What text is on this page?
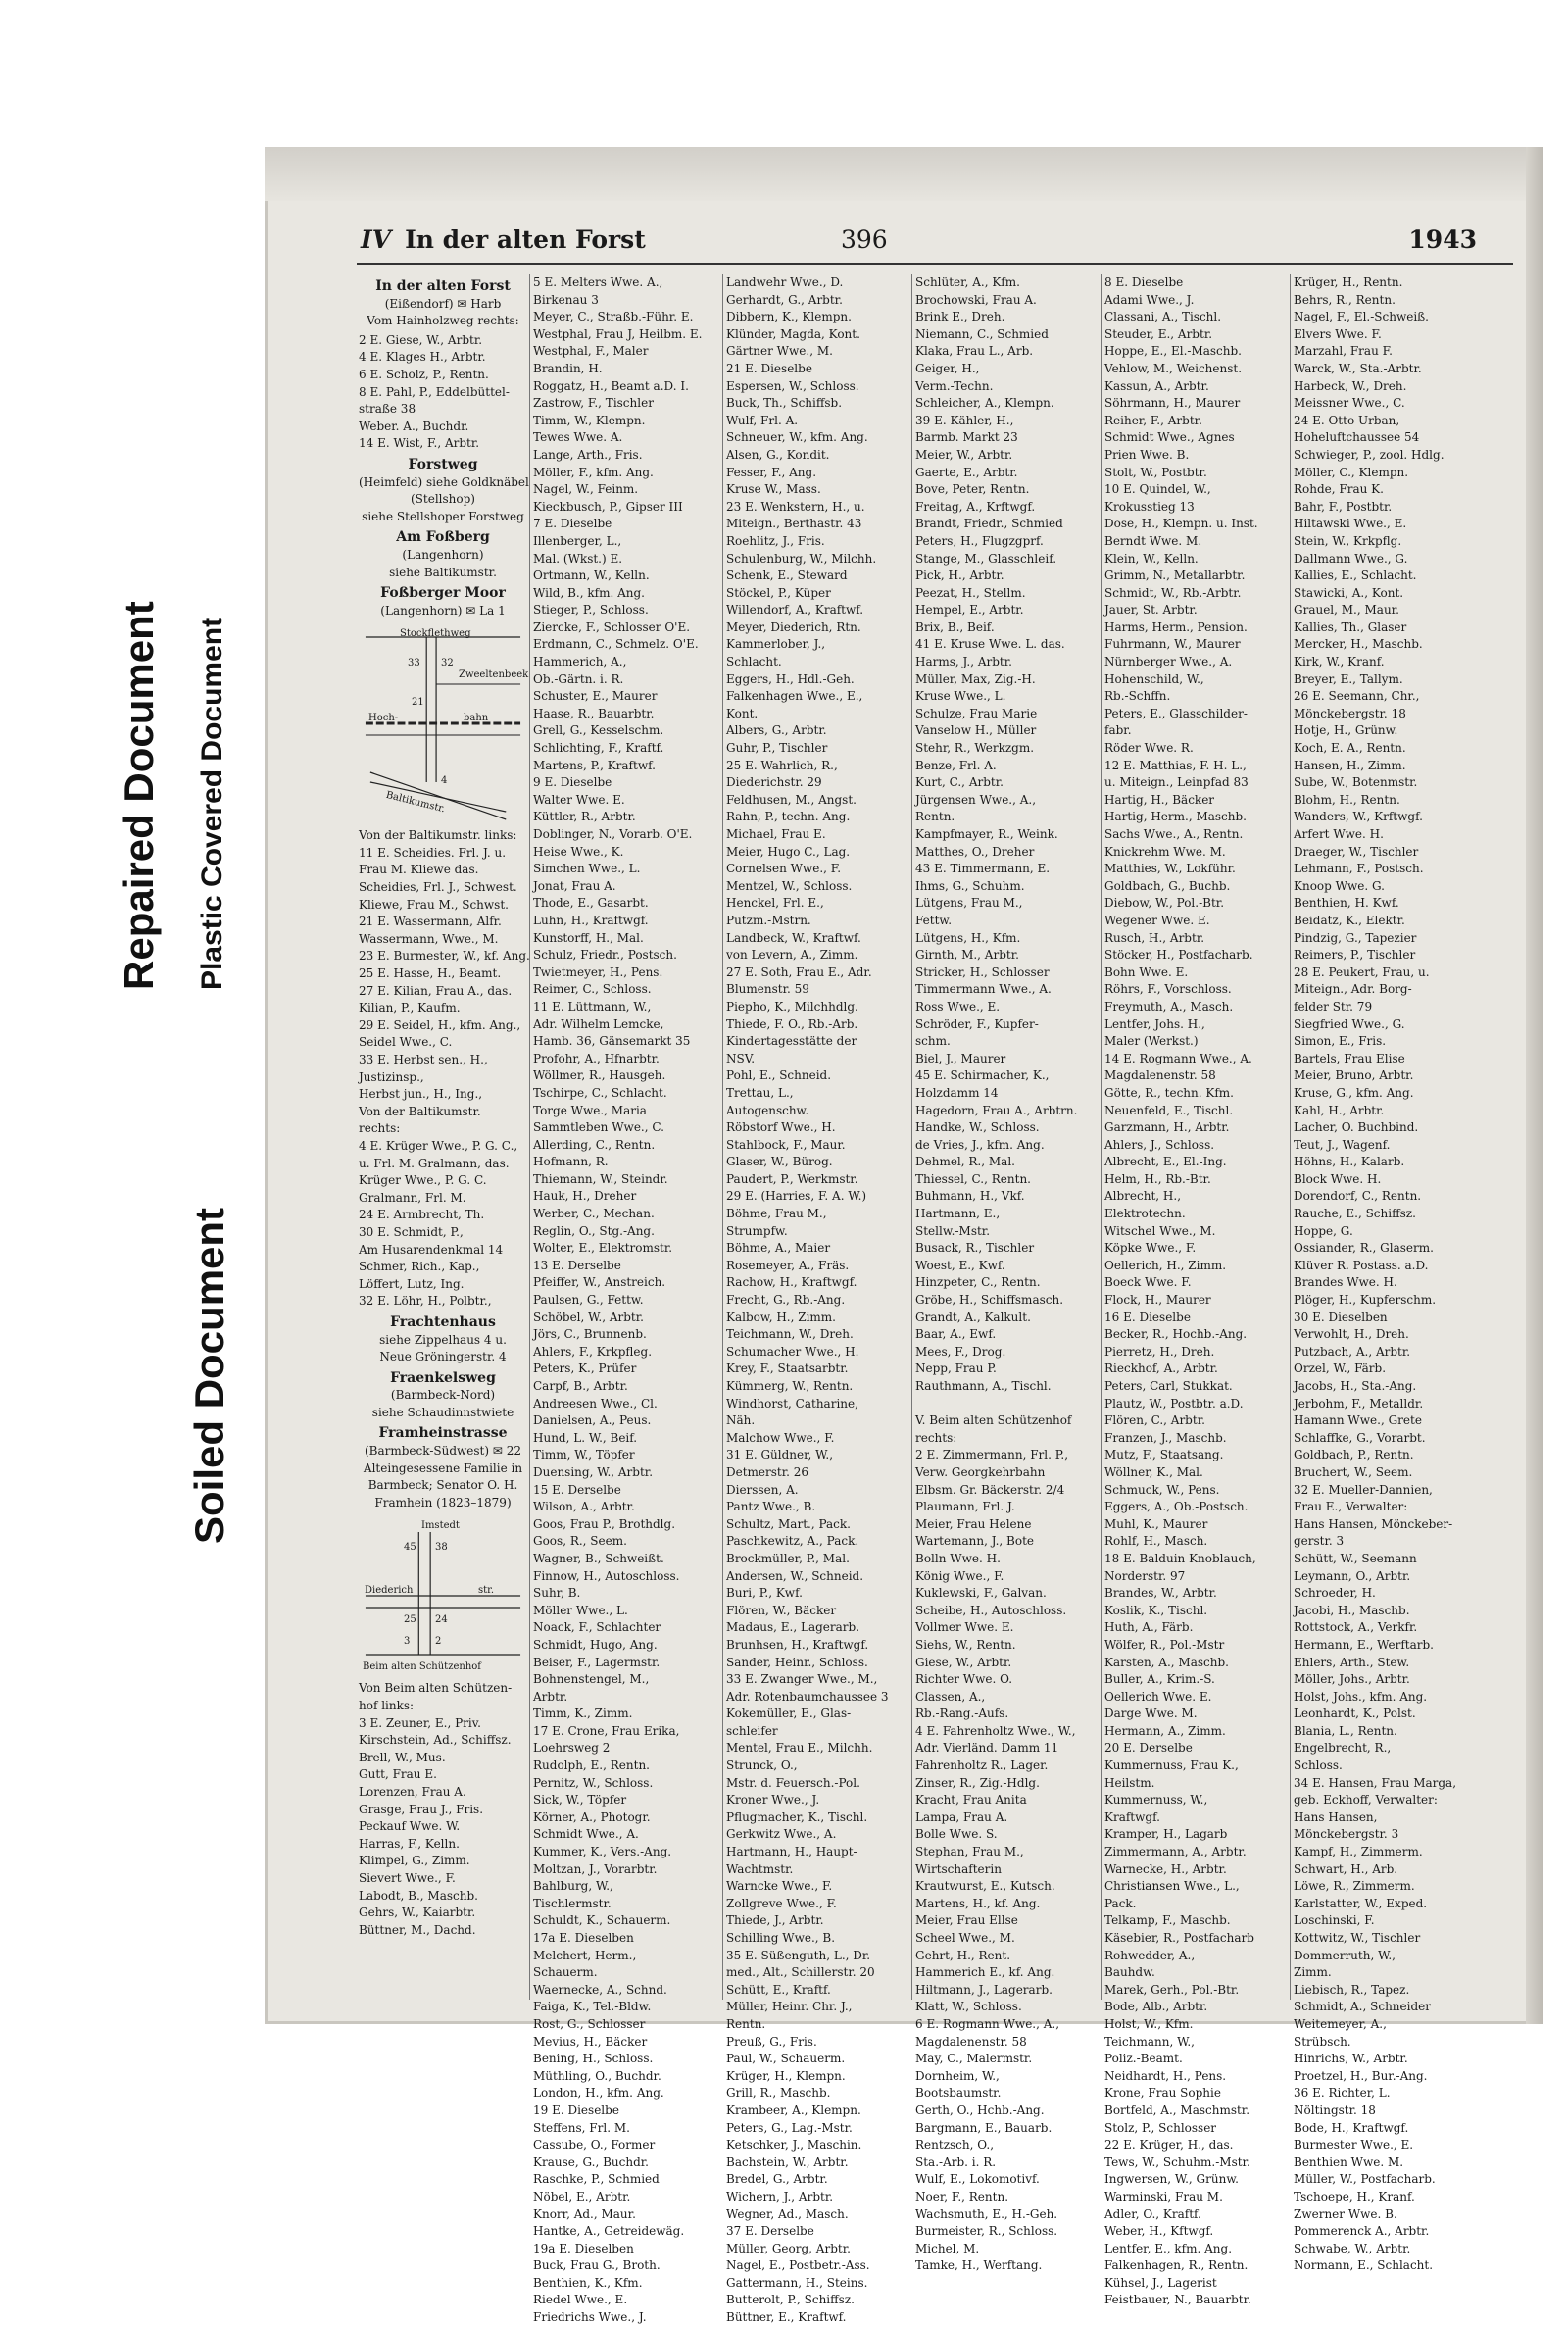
Repaired Document Plastic Covered Document
Soiled Document
IV In der alten Forst	396	1943
In der alten Forst
(Eißendorf) ✉ Harb
Vom Hainholzweg rechts:
2 E. Giese, W., Arbtr.
4 E. Klages H., Arbtr.
6 E. Scholz, P., Rentn.
8 E. Pahl, P., Eddelbüttel-
straße 38
Weber. A., Buchdr.
14 E. Wist, F., Arbtr.
Forstweg
(Heimfeld) siehe Goldknäbel
(Stellshop)
siehe Stellshoper Forstweg
Am Foßberg
(Langenhorn)
siehe Baltikumstr.
Foßberger Moor
(Langenhorn) ✉ La 1
Stockflethweg
33 32
21
Zweeltenbeek
Hoch-	bahn
4
Baltikumstr.
Von der Baltikumstr. links:
11 E. Scheidies. Frl. J. u.
Frau M. Kliewe das.
Scheidies, Frl. J., Schwest.
Kliewe, Frau M., Schwst.
21 E. Wassermann, Alfr.
Wassermann, Wwe., M.
23 E. Burmester, W., kf. Ang.
25 E. Hasse, H., Beamt.
27 E. Kilian, Frau A., das.
Kilian, P., Kaufm.
29 E. Seidel, H., kfm. Ang.,
Seidel Wwe., C.
33 E. Herbst sen., H.,
Justizinsp.,
Herbst jun., H., Ing.,
Von der Baltikumstr.
rechts:
4 E. Krüger Wwe., P. G. C.,
u. Frl. M. Gralmann, das.
Krüger Wwe., P. G. C.
Gralmann, Frl. M.
24 E. Armbrecht, Th.
30 E. Schmidt, P.,
Am Husarendenkmal 14
Schmer, Rich., Kap.,
Löffert, Lutz, Ing.
32 E. Löhr, H., Polbtr.,
Frachtenhaus
siehe Zippelhaus 4 u.
Neue Gröningerstr. 4
Fraenkelsweg
(Barmbeck-Nord)
siehe Schaudinnstwiete
Framheinstrasse
(Barmbeck-Südwest) ✉ 22
Alteingesessene Familie in
Barmbeck; Senator O. H.
Framhein (1823–1879)
Imstedt
45 38
Diederich
25
str.
24
3	2
Beim alten Schützenhof
Von Beim alten Schützen-
hof links:
3 E. Zeuner, E., Priv.
Kirschstein, Ad., Schiffsz.
Brell, W., Mus.
Gutt, Frau E.
Lorenzen, Frau A.
Grasge, Frau J., Fris.
Peckauf Wwe. W.
Harras, F., Kelln.
Klimpel, G., Zimm.
Sievert Wwe., F.
Labodt, B., Maschb.
Gehrs, W., Kaiarbtr.
Büttner, M., Dachd.
5 E. Melters Wwe. A.,
Birkenau 3
Meyer, C., Straßb.-Führ. E.
Westphal, Frau J, Heilbm. E.
Westphal, F., Maler
Brandin, H.
Roggatz, H., Beamt a.D. I.
Zastrow, F., Tischler
Timm, W., Klempn.
Tewes Wwe. A.
Lange, Arth., Fris.
Möller, F., kfm. Ang.
Nagel, W., Feinm.
Kieckbusch, P., Gipser III
7 E. Dieselbe
Illenberger, L.,
Mal. (Wkst.) E.
Ortmann, W., Kelln.
Wild, B., kfm. Ang.
Stieger, P., Schloss.
Ziercke, F., Schlosser O'E.
Erdmann, C., Schmelz. O'E.
Hammerich, A.,
Ob.-Gärtn. i. R.
Schuster, E., Maurer
Haase, R., Bauarbtr.
Grell, G., Kesselschm.
Schlichting, F., Kraftf.
Martens, P., Kraftwf.
9 E. Dieselbe
Walter Wwe. E.
Küttler, R., Arbtr.
Doblinger, N., Vorarb. O'E.
Heise Wwe., K.
Simchen Wwe., L.
Jonat, Frau A.
Thode, E., Gasarbt.
Luhn, H., Kraftwgf.
Kunstorff, H., Mal.
Schulz, Friedr., Postsch.
Twietmeyer, H., Pens.
Reimer, C., Schloss.
11 E. Lüttmann, W.,
Adr. Wilhelm Lemcke,
Hamb. 36, Gänsemarkt 35
Profohr, A., Hfnarbtr.
Wöllmer, R., Hausgeh.
Tschirpe, C., Schlacht.
Torge Wwe., Maria
Sammtleben Wwe., C.
Allerding, C., Rentn.
Hofmann, R.
Thiemann, W., Steindr.
Hauk, H., Dreher
Werber, C., Mechan.
Reglin, O., Stg.-Ang.
Wolter, E., Elektromstr.
13 E. Derselbe
Pfeiffer, W., Anstreich.
Paulsen, G., Fettw.
Schöbel, W., Arbtr.
Jörs, C., Brunnenb.
Ahlers, F., Krkpfleg.
Peters, K., Prüfer
Carpf, B., Arbtr.
Andreesen Wwe., Cl.
Danielsen, A., Peus.
Hund, L. W., Beif.
Timm, W., Töpfer
Duensing, W., Arbtr.
15 E. Derselbe
Wilson, A., Arbtr.
Goos, Frau P., Brothdlg.
Goos, R., Seem.
Wagner, B., Schweißt.
Finnow, H., Autoschloss.
Suhr, B.
Möller Wwe., L.
Noack, F., Schlachter
Schmidt, Hugo, Ang.
Beiser, F., Lagermstr.
Bohnenstengel, M.,
Arbtr.
Timm, K., Zimm.
17 E. Crone, Frau Erika,
Loehrsweg 2
Rudolph, E., Rentn.
Pernitz, W., Schloss.
Sick, W., Töpfer
Körner, A., Photogr.
Schmidt Wwe., A.
Kummer, K., Vers.-Ang.
Moltzan, J., Vorarbtr.
Bahlburg, W.,
Tischlermstr.
Schuldt, K., Schauerm.
17a E. Dieselben
Melchert, Herm.,
Schauerm.
Waernecke, A., Schnd.
Faiga, K., Tel.-Bldw.
Rost, G., Schlosser
Mevius, H., Bäcker
Bening, H., Schloss.
Müthling, O., Buchdr.
London, H., kfm. Ang.
19 E. Dieselbe
Steffens, Frl. M.
Cassube, O., Former
Krause, G., Buchdr.
Raschke, P., Schmied
Nöbel, E., Arbtr.
Knorr, Ad., Maur.
Hantke, A., Getreidewäg.
19a E. Dieselben
Buck, Frau G., Broth.
Benthien, K., Kfm.
Riedel Wwe., E.
Friedrichs Wwe., J.
Landwehr Wwe., D.
Gerhardt, G., Arbtr.
Dibbern, K., Klempn.
Klünder, Magda, Kont.
Gärtner Wwe., M.
21 E. Dieselbe
Espersen, W., Schloss.
Buck, Th., Schiffsb.
Wulf, Frl. A.
Schneuer, W., kfm. Ang.
Alsen, G., Kondit.
Fesser, F., Ang.
Kruse W., Mass.
23 E. Wenkstern, H., u.
Miteign., Berthastr. 43
Roehlitz, J., Fris.
Schulenburg, W., Milchh.
Schenk, E., Steward
Stöckel, P., Küper
Willendorf, A., Kraftwf.
Meyer, Diederich, Rtn.
Kammerlober, J.,
Schlacht.
Eggers, H., Hdl.-Geh.
Falkenhagen Wwe., E.,
Kont.
Albers, G., Arbtr.
Guhr, P., Tischler
25 E. Wahrlich, R.,
Diederichstr. 29
Feldhusen, M., Angst.
Rahn, P., techn. Ang.
Michael, Frau E.
Meier, Hugo C., Lag.
Cornelsen Wwe., F.
Mentzel, W., Schloss.
Henckel, Frl. E.,
Putzm.-Mstrn.
Landbeck, W., Kraftwf.
von Levern, A., Zimm.
27 E. Soth, Frau E., Adr.
Blumenstr. 59
Piepho, K., Milchhdlg.
Thiede, F. O., Rb.-Arb.
Kindertagesstätte der
NSV.
Pohl, E., Schneid.
Trettau, L.,
Autogenschw.
Röbstorf Wwe., H.
Stahlbock, F., Maur.
Glaser, W., Bürog.
Paudert, P., Werkmstr.
29 E. (Harries, F. A. W.)
Böhme, Frau M.,
Strumpfw.
Böhme, A., Maier
Rosemeyer, A., Fräs.
Rachow, H., Kraftwgf.
Frecht, G., Rb.-Ang.
Kalbow, H., Zimm.
Teichmann, W., Dreh.
Schumacher Wwe., H.
Krey, F., Staatsarbtr.
Kümmerg, W., Rentn.
Windhorst, Catharine,
Näh.
Malchow Wwe., F.
31 E. Güldner, W.,
Detmerstr. 26
Dierssen, A.
Pantz Wwe., B.
Schultz, Mart., Pack.
Paschkewitz, A., Pack.
Brockmüller, P., Mal.
Andersen, W., Schneid.
Buri, P., Kwf.
Flören, W., Bäcker
Madaus, E., Lagerarb.
Brunhsen, H., Kraftwgf.
Sander, Heinr., Schloss.
33 E. Zwanger Wwe., M.,
Adr. Rotenbaumchaussee 3
Kokemüller, E., Glas-
schleifer
Mentel, Frau E., Milchh.
Strunck, O.,
Mstr. d. Feuersch.-Pol.
Kroner Wwe., J.
Pflugmacher, K., Tischl.
Gerkwitz Wwe., A.
Hartmann, H., Haupt-
Wachtmstr.
Warncke Wwe., F.
Zollgreve Wwe., F.
Thiede, J., Arbtr.
Schilling Wwe., B.
35 E. Süßenguth, L., Dr.
med., Alt., Schillerstr. 20
Schütt, E., Kraftf.
Müller, Heinr. Chr. J.,
Rentn.
Preuß, G., Fris.
Paul, W., Schauerm.
Krüger, H., Klempn.
Grill, R., Maschb.
Krambeer, A., Klempn.
Peters, G., Lag.-Mstr.
Ketschker, J., Maschin.
Bachstein, W., Arbtr.
Bredel, G., Arbtr.
Wichern, J., Arbtr.
Wegner, Ad., Masch.
37 E. Derselbe
Müller, Georg, Arbtr.
Nagel, E., Postbetr.-Ass.
Gattermann, H., Steins.
Butterolt, P., Schiffsz.
Büttner, E., Kraftwf.
Schlüter, A., Kfm.
Brochowski, Frau A.
Brink E., Dreh.
Niemann, C., Schmied
Klaka, Frau L., Arb.
Geiger, H.,
Verm.-Techn.
Schleicher, A., Klempn.
39 E. Kähler, H.,
Barmb. Markt 23
Meier, W., Arbtr.
Gaerte, E., Arbtr.
Bove, Peter, Rentn.
Freitag, A., Krftwgf.
Brandt, Friedr., Schmied
Peters, H., Flugzgprf.
Stange, M., Glasschleif.
Pick, H., Arbtr.
Peezat, H., Stellm.
Hempel, E., Arbtr.
Brix, B., Beif.
41 E. Kruse Wwe. L. das.
Harms, J., Arbtr.
Müller, Max, Zig.-H.
Kruse Wwe., L.
Schulze, Frau Marie
Vanselow H., Müller
Stehr, R., Werkzgm.
Benze, Frl. A.
Kurt, C., Arbtr.
Jürgensen Wwe., A.,
Rentn.
Kampfmayer, R., Weink.
Matthes, O., Dreher
43 E. Timmermann, E.
Ihms, G., Schuhm.
Lütgens, Frau M.,
Fettw.
Lütgens, H., Kfm.
Girnth, M., Arbtr.
Stricker, H., Schlosser
Timmermann Wwe., A.
Ross Wwe., E.
Schröder, F., Kupfer-
schm.
Biel, J., Maurer
45 E. Schirmacher, K.,
Holzdamm 14
Hagedorn, Frau A., Arbtrn.
Handke, W., Schloss.
de Vries, J., kfm. Ang.
Dehmel, R., Mal.
Thiessel, C., Rentn.
Buhmann, H., Vkf.
Hartmann, E.,
Stellw.-Mstr.
Busack, R., Tischler
Woest, E., Kwf.
Hinzpeter, C., Rentn.
Gröbe, H., Schiffsmasch.
Grandt, A., Kalkult.
Baar, A., Ewf.
Mees, F., Drog.
Nepp, Frau P.
Rauthmann, A., Tischl.

V. Beim alten Schützenhof
rechts:
2 E. Zimmermann, Frl. P.,
Verw. Georgkehrbahn
Elbsm. Gr. Bäckerstr. 2/4
Plaumann, Frl. J.
Meier, Frau Helene
Wartemann, J., Bote
Bolln Wwe. H.
König Wwe., F.
Kuklewski, F., Galvan.
Scheibe, H., Autoschloss.
Vollmer Wwe. E.
Siehs, W., Rentn.
Giese, W., Arbtr.
Richter Wwe. O.
Classen, A.,
Rb.-Rang.-Aufs.
4 E. Fahrenholtz Wwe., W.,
Adr. Vierländ. Damm 11
Fahrenholtz R., Lager.
Zinser, R., Zig.-Hdlg.
Kracht, Frau Anita
Lampa, Frau A.
Bolle Wwe. S.
Stephan, Frau M.,
Wirtschafterin
Krautwurst, E., Kutsch.
Martens, H., kf. Ang.
Meier, Frau Ellse
Scheel Wwe., M.
Gehrt, H., Rent.
Hammerich E., kf. Ang.
Hiltmann, J., Lagerarb.
Klatt, W., Schloss.
6 E. Rogmann Wwe., A.,
Magdalenenstr. 58
May, C., Malermstr.
Dornheim, W.,
Bootsbaumstr.
Gerth, O., Hchb.-Ang.
Bargmann, E., Bauarb.
Rentzsch, O.,
Sta.-Arb. i. R.
Wulf, E., Lokomotivf.
Noer, F., Rentn.
Wachsmuth, E., H.-Geh.
Burmeister, R., Schloss.
Michel, M.
Tamke, H., Werftang.
8 E. Dieselbe
Adami Wwe., J.
Classani, A., Tischl.
Steuder, E., Arbtr.
Hoppe, E., El.-Maschb.
Vehlow, M., Weichenst.
Kassun, A., Arbtr.
Söhrmann, H., Maurer
Reiher, F., Arbtr.
Schmidt Wwe., Agnes
Prien Wwe. B.
Stolt, W., Postbtr.
10 E. Quindel, W.,
Krokusstieg 13
Dose, H., Klempn. u. Inst.
Berndt Wwe. M.
Klein, W., Kelln.
Grimm, N., Metallarbtr.
Schmidt, W., Rb.-Arbtr.
Jauer, St. Arbtr.
Harms, Herm., Pension.
Fuhrmann, W., Maurer
Nürnberger Wwe., A.
Hohenschild, W.,
Rb.-Schffn.
Peters, E., Glasschilder-
fabr.
Röder Wwe. R.
12 E. Matthias, F. H. L.,
u. Miteign., Leinpfad 83
Hartig, H., Bäcker
Hartig, Herm., Maschb.
Sachs Wwe., A., Rentn.
Knickrehm Wwe. M.
Matthies, W., Lokführ.
Goldbach, G., Buchb.
Diebow, W., Pol.-Btr.
Wegener Wwe. E.
Rusch, H., Arbtr.
Stöcker, H., Postfacharb.
Bohn Wwe. E.
Röhrs, F., Vorschloss.
Freymuth, A., Masch.
Lentfer, Johs. H.,
Maler (Werkst.)
14 E. Rogmann Wwe., A.
Magdalenenstr. 58
Götte, R., techn. Kfm.
Neuenfeld, E., Tischl.
Garzmann, H., Arbtr.
Ahlers, J., Schloss.
Albrecht, E., El.-Ing.
Helm, H., Rb.-Btr.
Albrecht, H.,
Elektrotechn.
Witschel Wwe., M.
Köpke Wwe., F.
Oellerich, H., Zimm.
Boeck Wwe. F.
Flock, H., Maurer
16 E. Dieselbe
Becker, R., Hochb.-Ang.
Pierretz, H., Dreh.
Rieckhof, A., Arbtr.
Peters, Carl, Stukkat.
Plautz, W., Postbtr. a.D.
Flören, C., Arbtr.
Franzen, J., Maschb.
Mutz, F., Staatsang.
Wöllner, K., Mal.
Schmuck, W., Pens.
Eggers, A., Ob.-Postsch.
Muhl, K., Maurer
Rohlf, H., Masch.
18 E. Balduin Knoblauch,
Norderstr. 97
Brandes, W., Arbtr.
Koslik, K., Tischl.
Huth, A., Färb.
Wölfer, R., Pol.-Mstr
Karsten, A., Maschb.
Buller, A., Krim.-S.
Oellerich Wwe. E.
Darge Wwe. M.
Hermann, A., Zimm.
20 E. Derselbe
Kummernuss, Frau K.,
Heilstm.
Kummernuss, W.,
Kraftwgf.
Kramper, H., Lagarb
Zimmermann, A., Arbtr.
Warnecke, H., Arbtr.
Christiansen Wwe., L.,
Pack.
Telkamp, F., Maschb.
Käsebier, R., Postfacharb
Rohwedder, A.,
Bauhdw.
Marek, Gerh., Pol.-Btr.
Bode, Alb., Arbtr.
Holst, W., Kfm.
Teichmann, W.,
Poliz.-Beamt.
Neidhardt, H., Pens.
Krone, Frau Sophie
Bortfeld, A., Maschmstr.
Stolz, P., Schlosser
22 E. Krüger, H., das.
Tews, W., Schuhm.-Mstr.
Ingwersen, W., Grünw.
Warminski, Frau M.
Adler, O., Kraftf.
Weber, H., Kftwgf.
Lentfer, E., kfm. Ang.
Falkenhagen, R., Rentn.
Kühsel, J., Lagerist
Feistbauer, N., Bauarbtr.
Krüger, H., Rentn.
Behrs, R., Rentn.
Nagel, F., El.-Schweiß.
Elvers Wwe. F.
Marzahl, Frau F.
Warck, W., Sta.-Arbtr.
Harbeck, W., Dreh.
Meissner Wwe., C.
24 E. Otto Urban,
Hoheluftchaussee 54
Schwieger, P., zool. Hdlg.
Möller, C., Klempn.
Rohde, Frau K.
Bahr, F., Postbtr.
Hiltawski Wwe., E.
Stein, W., Krkpflg.
Dallmann Wwe., G.
Kallies, E., Schlacht.
Stawicki, A., Kont.
Grauel, M., Maur.
Kallies, Th., Glaser
Mercker, H., Maschb.
Kirk, W., Kranf.
Breyer, E., Tallym.
26 E. Seemann, Chr.,
Mönckebergstr. 18
Hotje, H., Grünw.
Koch, E. A., Rentn.
Hansen, H., Zimm.
Sube, W., Botenmstr.
Blohm, H., Rentn.
Wanders, W., Krftwgf.
Arfert Wwe. H.
Draeger, W., Tischler
Lehmann, F., Postsch.
Knoop Wwe. G.
Benthien, H. Kwf.
Beidatz, K., Elektr.
Pindzig, G., Tapezier
Reimers, P., Tischler
28 E. Peukert, Frau, u.
Miteign., Adr. Borg-
felder Str. 79
Siegfried Wwe., G.
Simon, E., Fris.
Bartels, Frau Elise
Meier, Bruno, Arbtr.
Kruse, G., kfm. Ang.
Kahl, H., Arbtr.
Lacher, O. Buchbind.
Teut, J., Wagenf.
Höhns, H., Kalarb.
Block Wwe. H.
Dorendorf, C., Rentn.
Rauche, E., Schiffsz.
Hoppe, G.
Ossiander, R., Glaserm.
Klüver R. Postass. a.D.
Brandes Wwe. H.
Plöger, H., Kupferschm.
30 E. Dieselben
Verwohlt, H., Dreh.
Putzbach, A., Arbtr.
Orzel, W., Färb.
Jacobs, H., Sta.-Ang.
Jerbohm, F., Metalldr.
Hamann Wwe., Grete
Schlaffke, G., Vorarbt.
Goldbach, P., Rentn.
Bruchert, W., Seem.
32 E. Mueller-Dannien,
Frau E., Verwalter:
Hans Hansen, Mönckeber-
gerstr. 3
Schütt, W., Seemann
Leymann, O., Arbtr.
Schroeder, H.
Jacobi, H., Maschb.
Rottstock, A., Verkfr.
Hermann, E., Werftarb.
Ehlers, Arth., Stew.
Möller, Johs., Arbtr.
Holst, Johs., kfm. Ang.
Leonhardt, K., Polst.
Blania, L., Rentn.
Engelbrecht, R.,
Schloss.
34 E. Hansen, Frau Marga,
geb. Eckhoff, Verwalter:
Hans Hansen,
Mönckebergstr. 3
Kampf, H., Zimmerm.
Schwart, H., Arb.
Löwe, R., Zimmerm.
Karlstatter, W., Exped.
Loschinski, F.
Kottwitz, W., Tischler
Dommerruth, W.,
Zimm.
Liebisch, R., Tapez.
Schmidt, A., Schneider
Weitemeyer, A.,
Strübsch.
Hinrichs, W., Arbtr.
Proetzel, H., Bur.-Ang.
36 E. Richter, L.
Nöltingstr. 18
Bode, H., Kraftwgf.
Burmester Wwe., E.
Benthien Wwe. M.
Müller, W., Postfacharb.
Tschoepe, H., Kranf.
Zwerner Wwe. B.
Pommerenck A., Arbtr.
Schwabe, W., Arbtr.
Normann, E., Schlacht.
